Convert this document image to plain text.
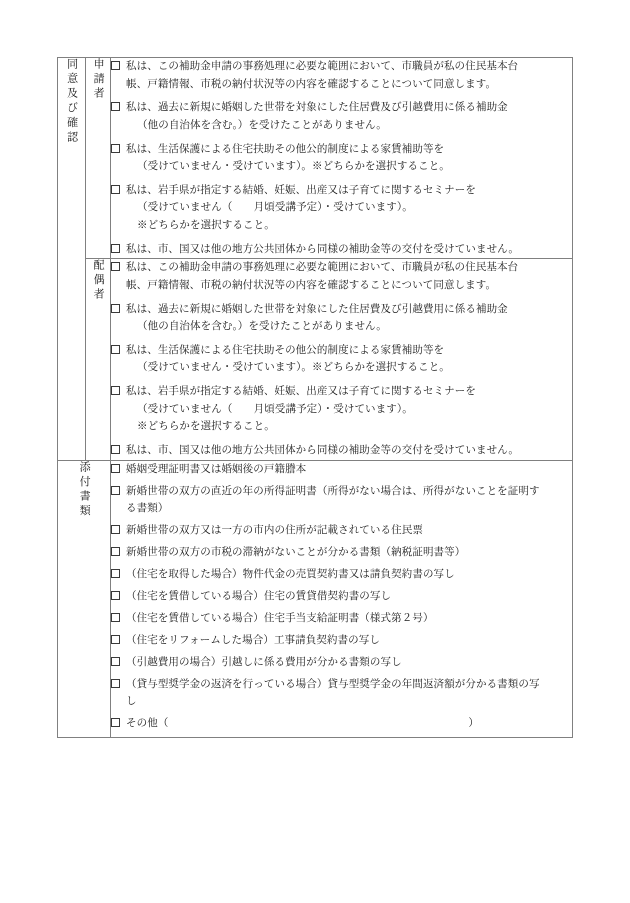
同意及び確認	申請者	私は、この補助金申請の事務処理に必要な範囲において、市職員が私の住民基本台
帳、戸籍情報、市税の納付状況等の内容を確認することについて同意します。
私は、過去に新規に婚姻した世帯を対象にした住居費及び引越費用に係る補助金
（他の自治体を含む。）を受けたことがありません。
私は、生活保護による住宅扶助その他公的制度による家賃補助等を
（受けていません・受けています）。※どちらかを選択すること。
私は、岩手県が指定する結婚、妊娠、出産又は子育てに関するセミナーを
（受けていません（　　月頃受講予定）・受けています）。
※どちらかを選択すること。
私は、市、国又は他の地方公共団体から同様の補助金等の交付を受けていません。

配偶者	私は、この補助金申請の事務処理に必要な範囲において、市職員が私の住民基本台
帳、戸籍情報、市税の納付状況等の内容を確認することについて同意します。
私は、過去に新規に婚姻した世帯を対象にした住居費及び引越費用に係る補助金
（他の自治体を含む。）を受けたことがありません。
私は、生活保護による住宅扶助その他公的制度による家賃補助等を
（受けていません・受けています）。※どちらかを選択すること。
私は、岩手県が指定する結婚、妊娠、出産又は子育てに関するセミナーを
（受けていません（　　月頃受講予定）・受けています）。
※どちらかを選択すること。
私は、市、国又は他の地方公共団体から同様の補助金等の交付を受けていません。

添付書類	婚姻受理証明書又は婚姻後の戸籍謄本
新婚世帯の双方の直近の年の所得証明書（所得がない場合は、所得がないことを証明す
る書類）
新婚世帯の双方又は一方の市内の住所が記載されている住民票
新婚世帯の双方の市税の滞納がないことが分かる書類（納税証明書等）
（住宅を取得した場合）物件代金の売買契約書又は請負契約書の写し
（住宅を賃借している場合）住宅の賃貸借契約書の写し
（住宅を賃借している場合）住宅手当支給証明書（様式第２号）
（住宅をリフォームした場合）工事請負契約書の写し
（引越費用の場合）引越しに係る費用が分かる書類の写し
（貸与型奨学金の返済を行っている場合）貸与型奨学金の年間返済額が分かる書類の写
し
その他（	）
